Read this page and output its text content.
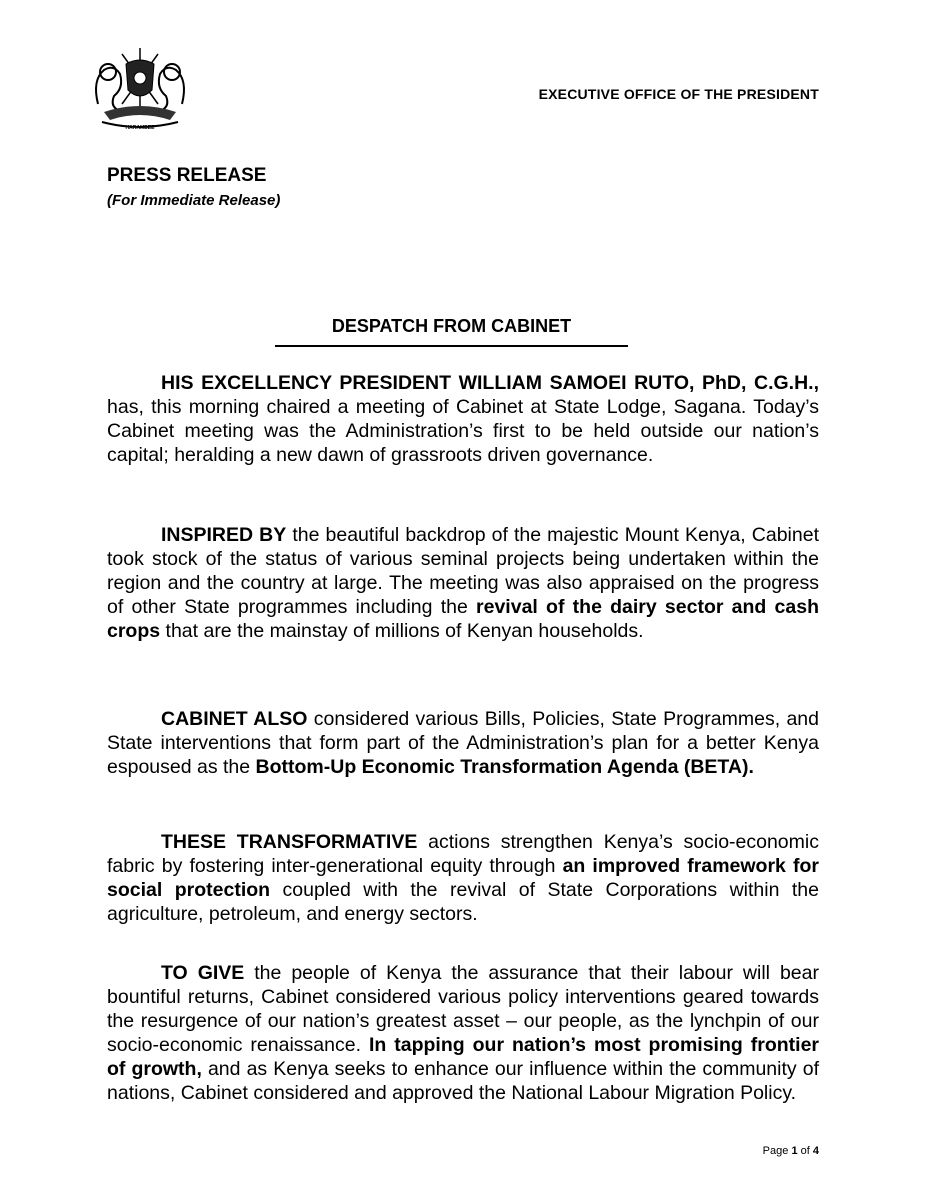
HARAMBEE
EXECUTIVE OFFICE OF THE PRESIDENT
PRESS RELEASE
(For Immediate Release)
DESPATCH FROM CABINET

HIS EXCELLENCY PRESIDENT WILLIAM SAMOEI RUTO, PhD, C.G.H., has, this morning chaired a meeting of Cabinet at State Lodge, Sagana. Today’s Cabinet meeting was the Administration’s first to be held outside our nation’s capital; heralding a new dawn of grassroots driven governance.

INSPIRED BY the beautiful backdrop of the majestic Mount Kenya, Cabinet took stock of the status of various seminal projects being undertaken within the region and the country at large. The meeting was also appraised on the progress of other State programmes including the revival of the dairy sector and cash crops that are the mainstay of millions of Kenyan households.

CABINET ALSO considered various Bills, Policies, State Programmes, and State interventions that form part of the Administration’s plan for a better Kenya espoused as the Bottom-Up Economic Transformation Agenda (BETA).

THESE TRANSFORMATIVE actions strengthen Kenya’s socio-economic fabric by fostering inter-generational equity through an improved framework for social protection coupled with the revival of State Corporations within the agriculture, petroleum, and energy sectors.

TO GIVE the people of Kenya the assurance that their labour will bear bountiful returns, Cabinet considered various policy interventions geared towards the resurgence of our nation’s greatest asset – our people, as the lynchpin of our socio-economic renaissance. In tapping our nation’s most promising frontier of growth, and as Kenya seeks to enhance our influence within the community of nations, Cabinet considered and approved the National Labour Migration Policy.

Page 1 of 4
